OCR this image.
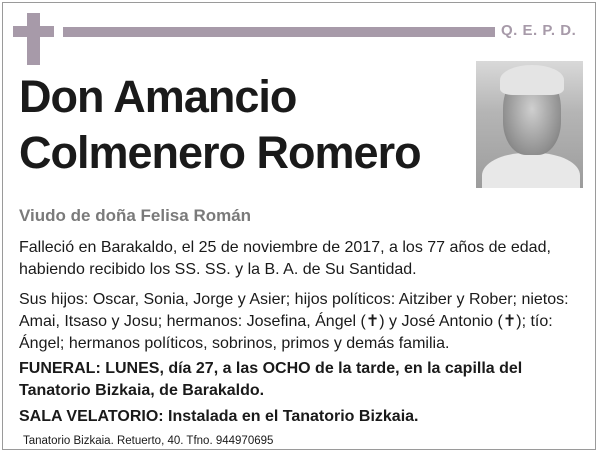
Q. E. P. D.
Don Amancio
Colmenero Romero
Viudo de doña Felisa Román
Falleció en Barakaldo, el 25 de noviembre de 2017, a los 77 años de edad, habiendo recibido los SS. SS. y la B. A. de Su Santidad.
Sus hijos: Oscar, Sonia, Jorge y Asier; hijos políticos: Aitziber y Rober; nietos: Amai, Itsaso y Josu; hermanos: Josefina, Ángel (✝) y José Antonio (✝); tío: Ángel; hermanos políticos, sobrinos, primos y demás familia.
FUNERAL: LUNES, día 27, a las OCHO de la tarde, en la capilla del Tanatorio Bizkaia, de Barakaldo.
SALA VELATORIO: Instalada en el Tanatorio Bizkaia.
Tanatorio Bizkaia. Retuerto, 40. Tfno. 944970695
